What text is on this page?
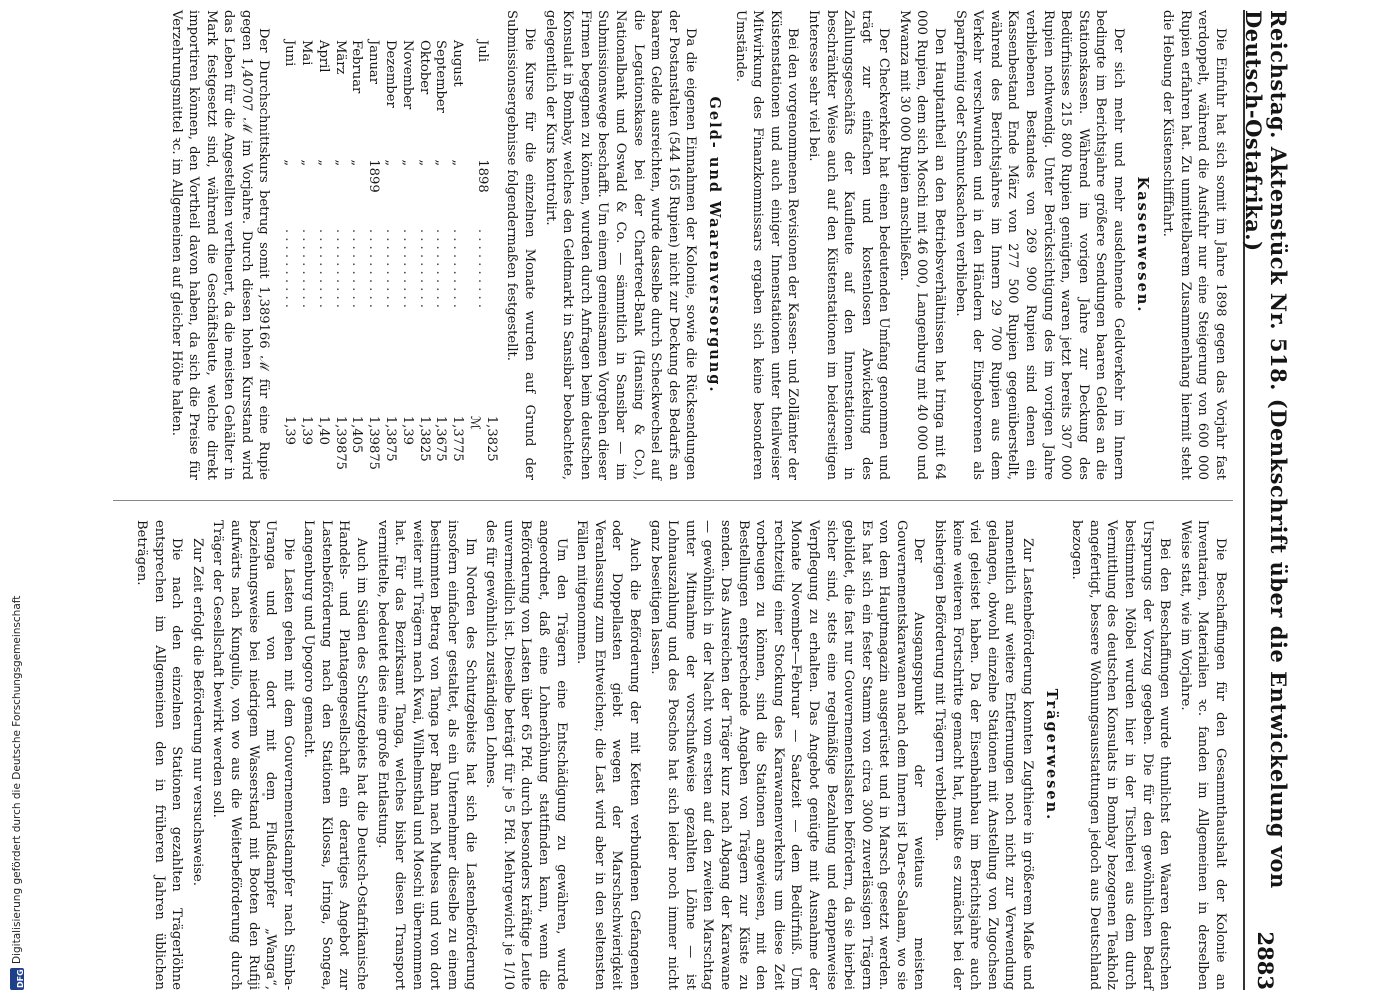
DFG
Digitalisierung gefördert durch die Deutsche Forschungsgemeinschaft	Reichstag. Aktenstück Nr. 518. (Denkschrift über die Entwickelung von Deutsch-Ostafrika.)
2883

Die Einfuhr hat sich somit im Jahre 1898 gegen das Vorjahr fast verdoppelt, während die Ausfuhr nur eine Steigerung von 600 000 Rupien erfahren hat. Zu unmittelbarem Zusammenhang hiermit steht die Hebung der Küstenschifffahrt.

Kassenwesen.

Der sich mehr und mehr ausdehnende Geldverkehr im Innern bedingte im Berichtsjahre größere Sendungen baaren Geldes an die Stationskassen. Während im vorigen Jahre zur Deckung des Bedürfnisses 215 800 Rupien genügten, waren jetzt bereits 307 000 Rupien nothwendig. Unter Berücksichtigung des im vorigen Jahre verbliebenen Bestandes von 269 900 Rupien sind denen ein Kassenbestand Ende März von 277 500 Rupien gegenüberstellt, während des Berichtsjahres im Innern 29 700 Rupien aus dem Verkehr verschwunden und in den Händern der Eingeborenen als Sparpfennig oder Schmucksachen verblieben.

Den Hauptantheil an den Betriebsverhältnissen hat Iringa mit 64 000 Rupien, dem sich Moschi mit 46 000, Langenburg mit 40 000 und Mwanza mit 30 000 Rupien anschließen.

Der Checkverkehr hat einen bedeutenden Umfang genommen und trägt zur einfachen und kostenlosen Abwickelung des Zahlungsgeschäfts der Kaufleute auf den Innenstationen in beschränkter Weise auch auf den Küstenstationen im beiderseitigen Interesse sehr viel bei.

Bei den vorgenommenen Revisionen der Kassen- und Zollämter der Küstenstationen und auch einiger Innenstationen unter theilweiser Mitwirkung des Finanzkommissars ergaben sich keine besonderen Umstände.

Geld- und Waarenversorgung.

Da die eigenen Einnahmen der Kolonie, sowie die Rücksendungen der Postanstalten (544 165 Rupien) nicht zur Deckung des Bedarfs an baarem Gelde ausreichten, wurde dasselbe durch Scheckwechsel auf die Legationskasse bei der Chartered-Bank (Hansing & Co.), Nationalbank und Oswald & Co. — sämmtlich in Sansibar — im Submissionswege beschafft. Um einem gemeinsamen Vorgehen dieser Firmen begegnen zu können, wurden durch Anfragen beim deutschen Konsulat in Bombay, welches den Geldmarkt in Sansibar beobachtete, gelegentlich der Kurs kontrolirt.

Die Kurse für die einzelnen Monate wurden auf Grund der Submissionsergebnisse folgendermaßen festgestellt.

Juli	1898	. . . . . . . . . .	1,3825 ℳ
August	„	. . . . . . . . . .	1,3775
September	„	. . . . . . . . . .	1,3675
Oktober	„	. . . . . . . . . .	1,3825
November	„	. . . . . . . . . .	1,39
Dezember	„	. . . . . . . . . .	1,3875
Januar	1899	. . . . . . . . . .	1,39875
Februar	„	. . . . . . . . . .	1,405
März	„	. . . . . . . . . .	1,39875
April	„	. . . . . . . . . .	1,40
Mai	„	. . . . . . . . . .	1,39
Juni	„	. . . . . . . . . .	1,39

Der Durchschnittskurs betrug somit 1,389166 ℳ für eine Rupie gegen 1,40707 ℳ im Vorjahre. Durch diesen hohen Kursstand wird das Leben für die Angestellten vertheuert, da die meisten Gehälter in Mark festgesetzt sind, während die Geschäftsleute, welche direkt importiren können, den Vortheil davon haben, da sich die Preise für Verzehrungsmittel ꝛc. im Allgemeinen auf gleicher Höhe halten.

Die Beschaffungen für den Gesammthaushalt der Kolonie an Inventarien, Materialien ꝛc. fanden im Allgemeinen in derselben Weise statt, wie im Vorjahre.

Bei den Beschaffungen wurde thunlichst den Waaren deutschen Ursprungs der Vorzug gegeben. Die für den gewöhnlichen Bedarf bestimmten Möbel wurden hier in der Tischlerei aus dem durch Vermittlung des deutschen Konsulats in Bombay bezogenen Teakholz angefertigt, bessere Wohnungsausstattungen jedoch aus Deutschland bezogen.

Trägerwesen.

Zur Lastenbeförderung konnten Zugthiere in größerem Maße und namentlich auf weitere Entfernungen noch nicht zur Verwendung gelangen, obwohl einzelne Stationen mit Anstellung von Zugochsen viel geleistet haben. Da der Eisenbahnbau im Berichtsjahre auch keine weiteren Fortschritte gemacht hat, mußte es zunächst bei der bisherigen Beförderung mit Trägern verbleiben.

Der Ausgangspunkt der weitaus meisten Gouvernementskarawanen nach dem Innern ist Dar-es-Salaam, wo sie von dem Hauptmagazin ausgerüstet und in Marsch gesetzt werden. Es hat sich ein fester Stamm von circa 3000 zuverlässigen Trägern gebildet, die fast nur Gouvernementslasten befördern, da sie hierbei sicher sind, stets eine regelmäßige Bezahlung und etappenweise Verpflegung zu erhalten. Das Angebot genügte mit Ausnahme der Monate November—Februar — Saatzeit — dem Bedürfniß. Um rechtzeitig einer Stockung des Karawanenverkehrs um diese Zeit vorbeugen zu können, sind die Stationen angewiesen, mit den Bestellungen entsprechende Angaben von Trägern zur Küste zu senden. Das Ausreichen der Träger kurz nach Abgang der Karawane — gewöhnlich in der Nacht vom ersten auf den zweiten Marschtag unter Mitnahme der vorschußweise gezahlten Löhne — ist Lohnauszahlung und des Poschos hat sich leider noch immer nicht ganz beseitigen lassen.

Auch die Beförderung der mit Ketten verbundenen Gefangenen oder Doppellasten giebt wegen der Marschschwierigkeit Veranlassung zum Entweichen; die Last wird aber in den seltensten Fällen mitgenommen.

Um den Trägern eine Entschädigung zu gewähren, wurde angeordnet, daß eine Lohnerhöhung stattfinden kann, wenn die Beförderung von Lasten über 65 Pfd. durch besonders kräftige Leute unvermeidlich ist. Dieselbe beträgt für je 5 Pfd. Mehrgewicht je 1/10 des für gewöhnlich zuständigen Lohnes.

Im Norden des Schutzgebiets hat sich die Lastenbeförderung insofern einfacher gestaltet, als ein Unternehmer dieselbe zu einem bestimmten Betrag von Tanga per Bahn nach Muhesa und von dort weiter mit Trägern nach Kwai, Wilhelmsthal und Moschi übernommen hat. Für das Bezirksamt Tanga, welches bisher diesen Transport vermittelte, bedeutet dies eine große Entlastung.

Auch im Süden des Schutzgebiets hat die Deutsch-Ostafrikanische Handels- und Plantagengesellschaft ein derartiges Angebot zur Lastenbeförderung nach den Stationen Kilossa, Iringa, Songea, Langenburg und Upogoro gemacht.

Die Lasten gehen mit dem Gouvernementsdampfer nach Simba-Uranga und von dort mit dem Flußdampfer „Wanga“, beziehungsweise bei niedrigem Wasserstand mit Booten den Rufiji aufwärts nach Kungulio, von wo aus die Weiterbeförderung durch Träger der Gesellschaft bewirkt werden soll.

Zur Zeit erfolgt die Beförderung nur versuchsweise.

Die nach den einzelnen Stationen gezahlten Trägerlöhne entsprechen im Allgemeinen den in früheren Jahren üblichen Beträgen.
